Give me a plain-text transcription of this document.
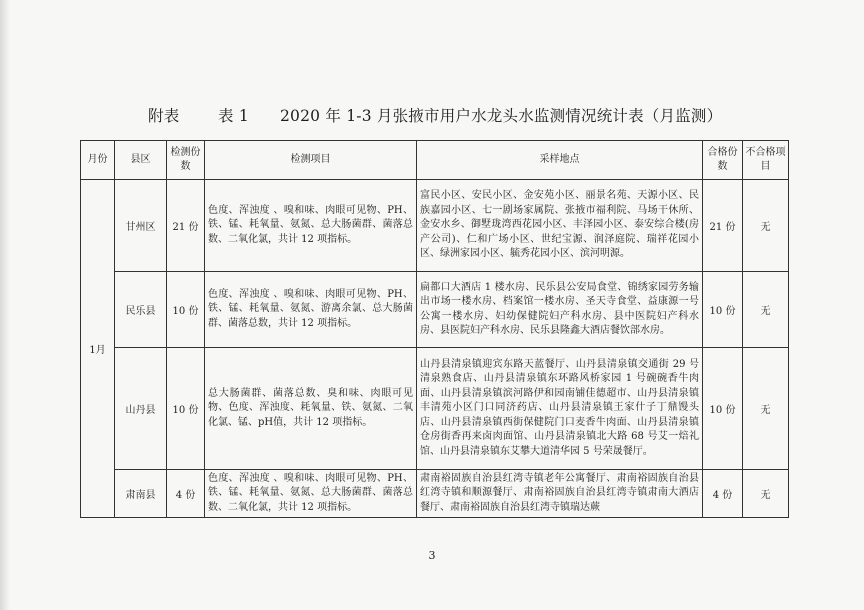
附表 表 1 2020 年 1-3 月张掖市用户水龙头水监测情况统计表（月监测）
月份	县区	检测份数	检测项目	采样地点	合格份数	不合格项目
1月	甘州区	21 份	色度、浑浊度 、嗅和味、肉眼可见物、PH、铁、锰、耗氧量、氨氮、总大肠菌群、菌落总数、二氧化氯，共计 12 项指标。	富民小区、安民小区、金安苑小区、丽景名苑、天源小区、民族嘉园小区、七一剧场家属院、张掖市福利院、马场干休所、金安水乡、御墅珑湾西花园小区、丰泽园小区、泰安综合楼(房产公司)、仁和广场小区、世纪宝源、润泽庭院、瑞祥花园小区、绿洲家园小区、毓秀花园小区、滨河明源。	21 份	无
	民乐县	10 份	色度、浑浊度 、嗅和味、肉眼可见物、PH、铁、锰、耗氧量、氨氮、游离余氯、总大肠菌群、菌落总数，共计 12 项指标。	扁都口大酒店 1 楼水房、民乐县公安局食堂、锦绣家园劳务输出市场一楼水房、档案馆一楼水房、圣天寺食堂、益康源一号公寓一楼水房、妇幼保健院妇产科水房、县中医院妇产科水房、县医院妇产科水房、民乐县隆鑫大酒店餐饮部水房。	10 份	无
	山丹县	10 份	总大肠菌群、菌落总数、臭和味、肉眼可见物、色度、浑浊度、耗氧量、铁、氨氮、二氧化氯、锰、pH值，共计 12 项指标。	山丹县清泉镇迎宾东路天蓝餐厅、山丹县清泉镇交通街 29 号清泉熟食店、山丹县清泉镇东环路风桥家园 1 号碗碗香牛肉面、山丹县清泉镇滨河路伊和园南铺佳德超市、山丹县清泉镇丰清苑小区门口同济药店、山丹县清泉镇王家什子丁鼎馒头店、山丹县清泉镇西街保健院门口麦香牛肉面、山丹县清泉镇仓房街香再来卤肉面馆、山丹县清泉镇北大路 68 号艾一焙礼馆、山丹县清泉镇东艾攀大道清华园 5 号荣晟餐厅。	10 份	无
	肃南县	4 份	色度、浑浊度 、嗅和味、肉眼可见物、PH、铁、锰、耗氧量、氨氮、总大肠菌群、菌落总数、二氧化氯，共计 12 项指标。	肃南裕固族自治县红湾寺镇老年公寓餐厅、肃南裕固族自治县红湾寺镇和顺源餐厅、肃南裕固族自治县红湾寺镇肃南大酒店餐厅、肃南裕固族自治县红湾寺镇瑞达蕨	4 份	无
3
